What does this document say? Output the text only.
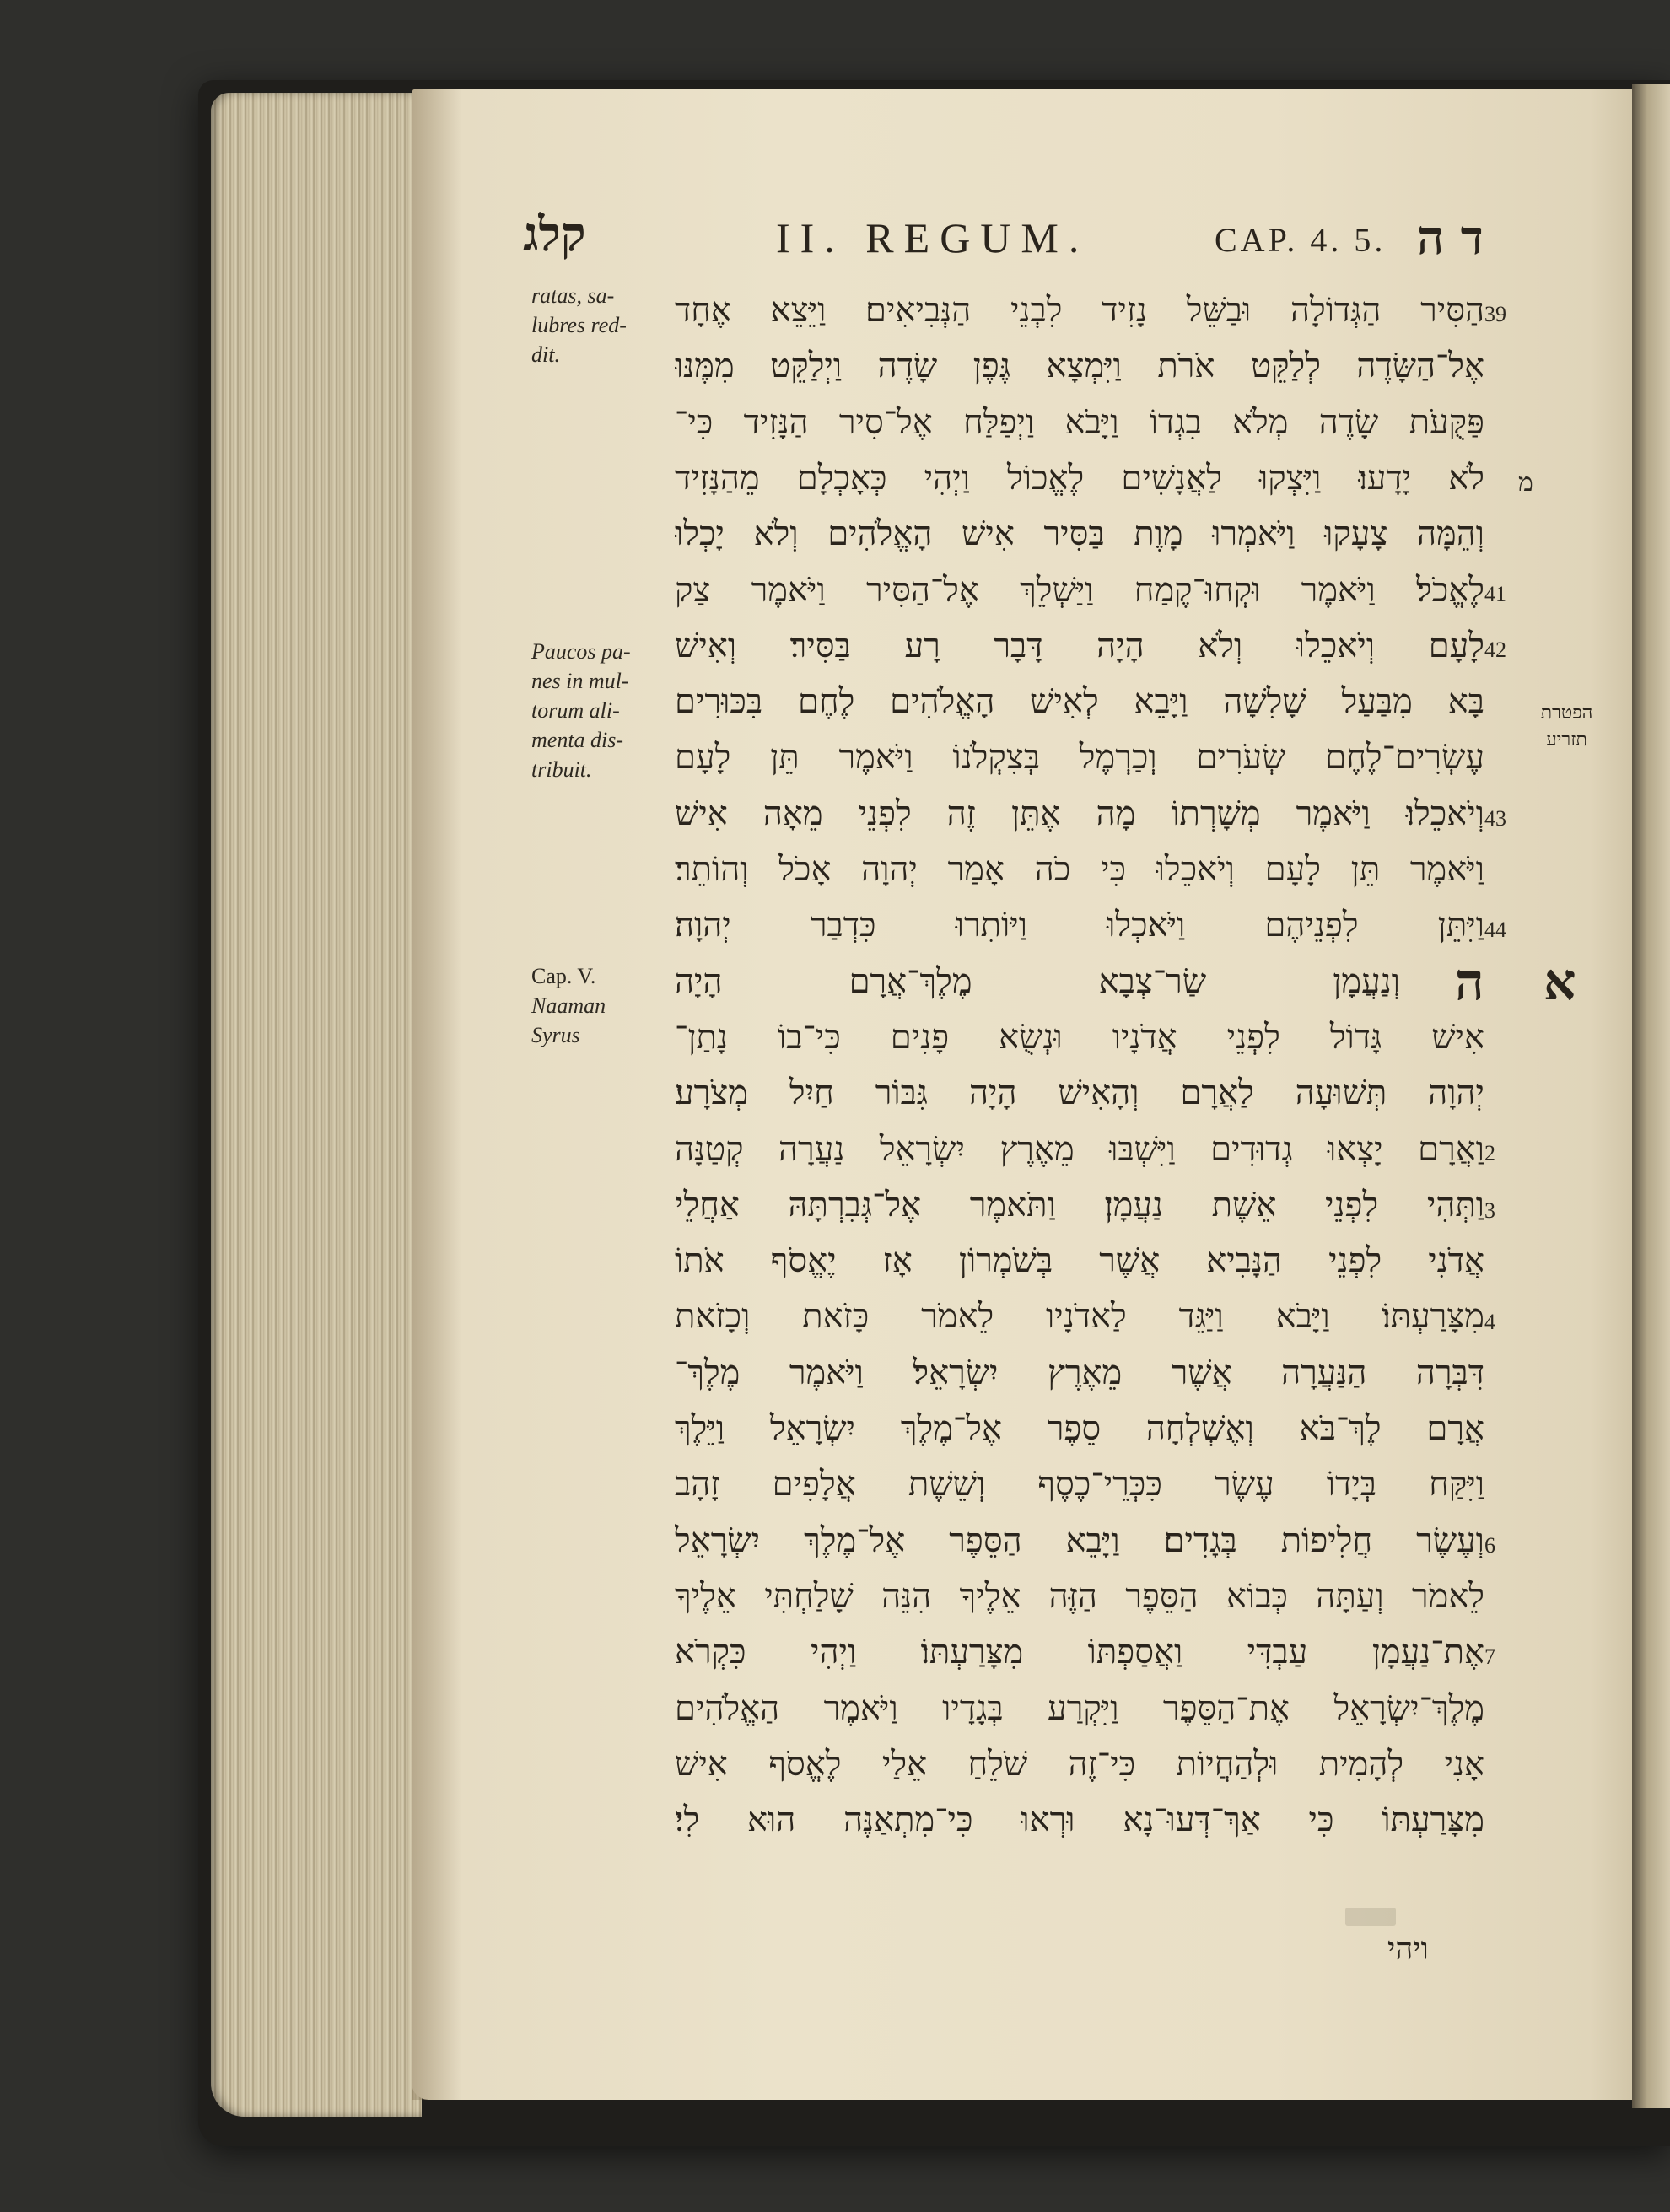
קלג	II. REGUM.	CAP. 4. 5. ד ה
ratas, sa-
lubres red-
dit.
Paucos pa-
nes in mul-
torum ali-
menta dis-
tribuit.
Cap. V.
Naaman
Syrus
הפטרת
תזריע
א
ה
39
מ
41
42
43
44
2
3
4
6
7
הַסִּיר הַגְּדוֹלָה וּבַשֵּׁל נָזִיד לִבְנֵי הַנְּבִיאִים׃ וַיֵּצֵא אֶחָד
אֶל־הַשָּׂדֶה לְלַקֵּט אֹרֹת וַיִּמְצָא גֶּפֶן שָׂדֶה וַיְלַקֵּט מִמֶּנּוּ
פַּקֻּעֹת שָׂדֶה מְלֹא בִגְדוֹ וַיָּבֹא וַיְפַלַּח אֶל־סִיר הַנָּזִיד כִּי־
לֹא יָדָעוּ׃ וַיִּצְקוּ לַאֲנָשִׁים לֶאֱכוֹל וַיְהִי כְּאָכְלָם מֵהַנָּזִיד
וְהֵמָּה צָעָקוּ וַיֹּאמְרוּ מָוֶת בַּסִּיר אִישׁ הָאֱלֹהִים וְלֹא יָכְלוּ
לֶאֱכֹל׃ וַיֹּאמֶר וּקְחוּ־קֶמַח וַיַּשְׁלֵךְ אֶל־הַסִּיר וַיֹּאמֶר צַק
לָעָם וְיֹאכֵלוּ וְלֹא הָיָה דָּבָר רָע בַּסִּיר׃ וְאִישׁ
בָּא מִבַּעַל שָׁלִשָׁה וַיָּבֵא לְאִישׁ הָאֱלֹהִים לֶחֶם בִּכּוּרִים
עֶשְׂרִים־לֶחֶם שְׂעֹרִים וְכַרְמֶל בְּצִקְלֹנוֹ וַיֹּאמֶר תֵּן לָעָם
וְיֹאכֵלוּ׃ וַיֹּאמֶר מְשָׁרְתוֹ מָה אֶתֵּן זֶה לִפְנֵי מֵאָה אִישׁ
וַיֹּאמֶר תֵּן לָעָם וְיֹאכֵלוּ כִּי כֹה אָמַר יְהוָה אָכֹל וְהוֹתֵר׃
וַיִּתֵּן לִפְנֵיהֶם וַיֹּאכְלוּ וַיּוֹתִרוּ כִּדְבַר יְהוָה׃
וְנַעֲמָן שַׂר־צְבָא מֶלֶךְ־אֲרָם הָיָה
אִישׁ גָּדוֹל לִפְנֵי אֲדֹנָיו וּנְשֻׂא פָנִים כִּי־בוֹ נָתַן־
יְהוָה תְּשׁוּעָה לַאֲרָם וְהָאִישׁ הָיָה גִּבּוֹר חַיִל מְצֹרָע׃
וַאֲרָם יָצְאוּ גְדוּדִים וַיִּשְׁבּוּ מֵאֶרֶץ יִשְׂרָאֵל נַעֲרָה קְטַנָּה
וַתְּהִי לִפְנֵי אֵשֶׁת נַעֲמָן׃ וַתֹּאמֶר אֶל־גְּבִרְתָּהּ אַחֲלֵי
אֲדֹנִי לִפְנֵי הַנָּבִיא אֲשֶׁר בְּשֹׁמְרוֹן אָז יֶאֱסֹף אֹתוֹ
מִצָּרַעְתּוֹ׃ וַיָּבֹא וַיַּגֵּד לַאדֹנָיו לֵאמֹר כָּזֹאת וְכָזֹאת
דִּבְּרָה הַנַּעֲרָה אֲשֶׁר מֵאֶרֶץ יִשְׂרָאֵל׃ וַיֹּאמֶר מֶלֶךְ־
אֲרָם לֶךְ־בֹּא וְאֶשְׁלְחָה סֵפֶר אֶל־מֶלֶךְ יִשְׂרָאֵל וַיֵּלֶךְ
וַיִּקַּח בְּיָדוֹ עֶשֶׂר כִּכְּרֵי־כֶסֶף וְשֵׁשֶׁת אֲלָפִים זָהָב
וְעֶשֶׂר חֲלִיפוֹת בְּגָדִים׃ וַיָּבֵא הַסֵּפֶר אֶל־מֶלֶךְ יִשְׂרָאֵל
לֵאמֹר וְעַתָּה כְּבוֹא הַסֵּפֶר הַזֶּה אֵלֶיךָ הִנֵּה שָׁלַחְתִּי אֵלֶיךָ
אֶת־נַעֲמָן עַבְדִּי וַאֲסַפְתּוֹ מִצָּרַעְתּוֹ׃ וַיְהִי כִּקְרֹא
מֶלֶךְ־יִשְׂרָאֵל אֶת־הַסֵּפֶר וַיִּקְרַע בְּגָדָיו וַיֹּאמֶר הַאֱלֹהִים
אָנִי לְהָמִית וּלְהַחֲיוֹת כִּי־זֶה שֹׁלֵחַ אֵלַי לֶאֱסֹף אִישׁ
מִצָּרַעְתּוֹ כִּי אַךְ־דְּעוּ־נָא וּרְאוּ כִּי־מִתְאַנֶּה הוּא לִי׃
ויהי
